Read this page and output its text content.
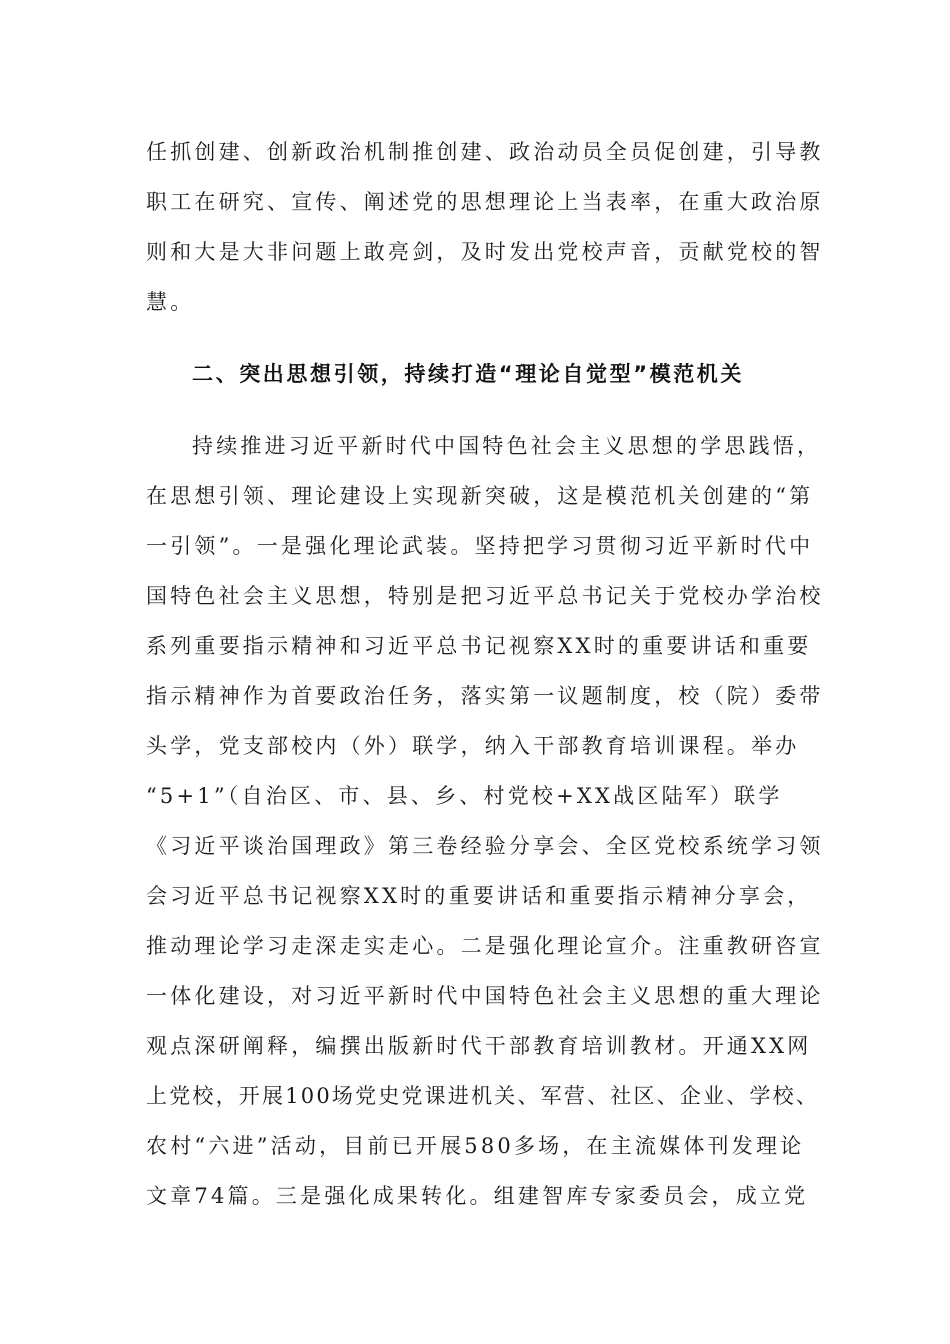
任抓创建、创新政治机制推创建、政治动员全员促创建，引导教
职工在研究、宣传、阐述党的思想理论上当表率，在重大政治原
则和大是大非问题上敢亮剑，及时发出党校声音，贡献党校的智
慧。
二、突出思想引领，持续打造“理论自觉型”模范机关
持续推进习近平新时代中国特色社会主义思想的学思践悟，
在思想引领、理论建设上实现新突破，这是模范机关创建的“第
一引领”。一是强化理论武装。坚持把学习贯彻习近平新时代中
国特色社会主义思想，特别是把习近平总书记关于党校办学治校
系列重要指示精神和习近平总书记视察XX时的重要讲话和重要
指示精神作为首要政治任务，落实第一议题制度，校（院）委带
头学，党支部校内（外）联学，纳入干部教育培训课程。举办
“5+1”（自治区、市、县、乡、村党校+XX战区陆军）联学
《习近平谈治国理政》第三卷经验分享会、全区党校系统学习领
会习近平总书记视察XX时的重要讲话和重要指示精神分享会，
推动理论学习走深走实走心。二是强化理论宣介。注重教研咨宣
一体化建设，对习近平新时代中国特色社会主义思想的重大理论
观点深研阐释，编撰出版新时代干部教育培训教材。开通XX网
上党校，开展100场党史党课进机关、军营、社区、企业、学校、
农村“六进”活动，目前已开展580多场，在主流媒体刊发理论
文章74篇。三是强化成果转化。组建智库专家委员会，成立党
